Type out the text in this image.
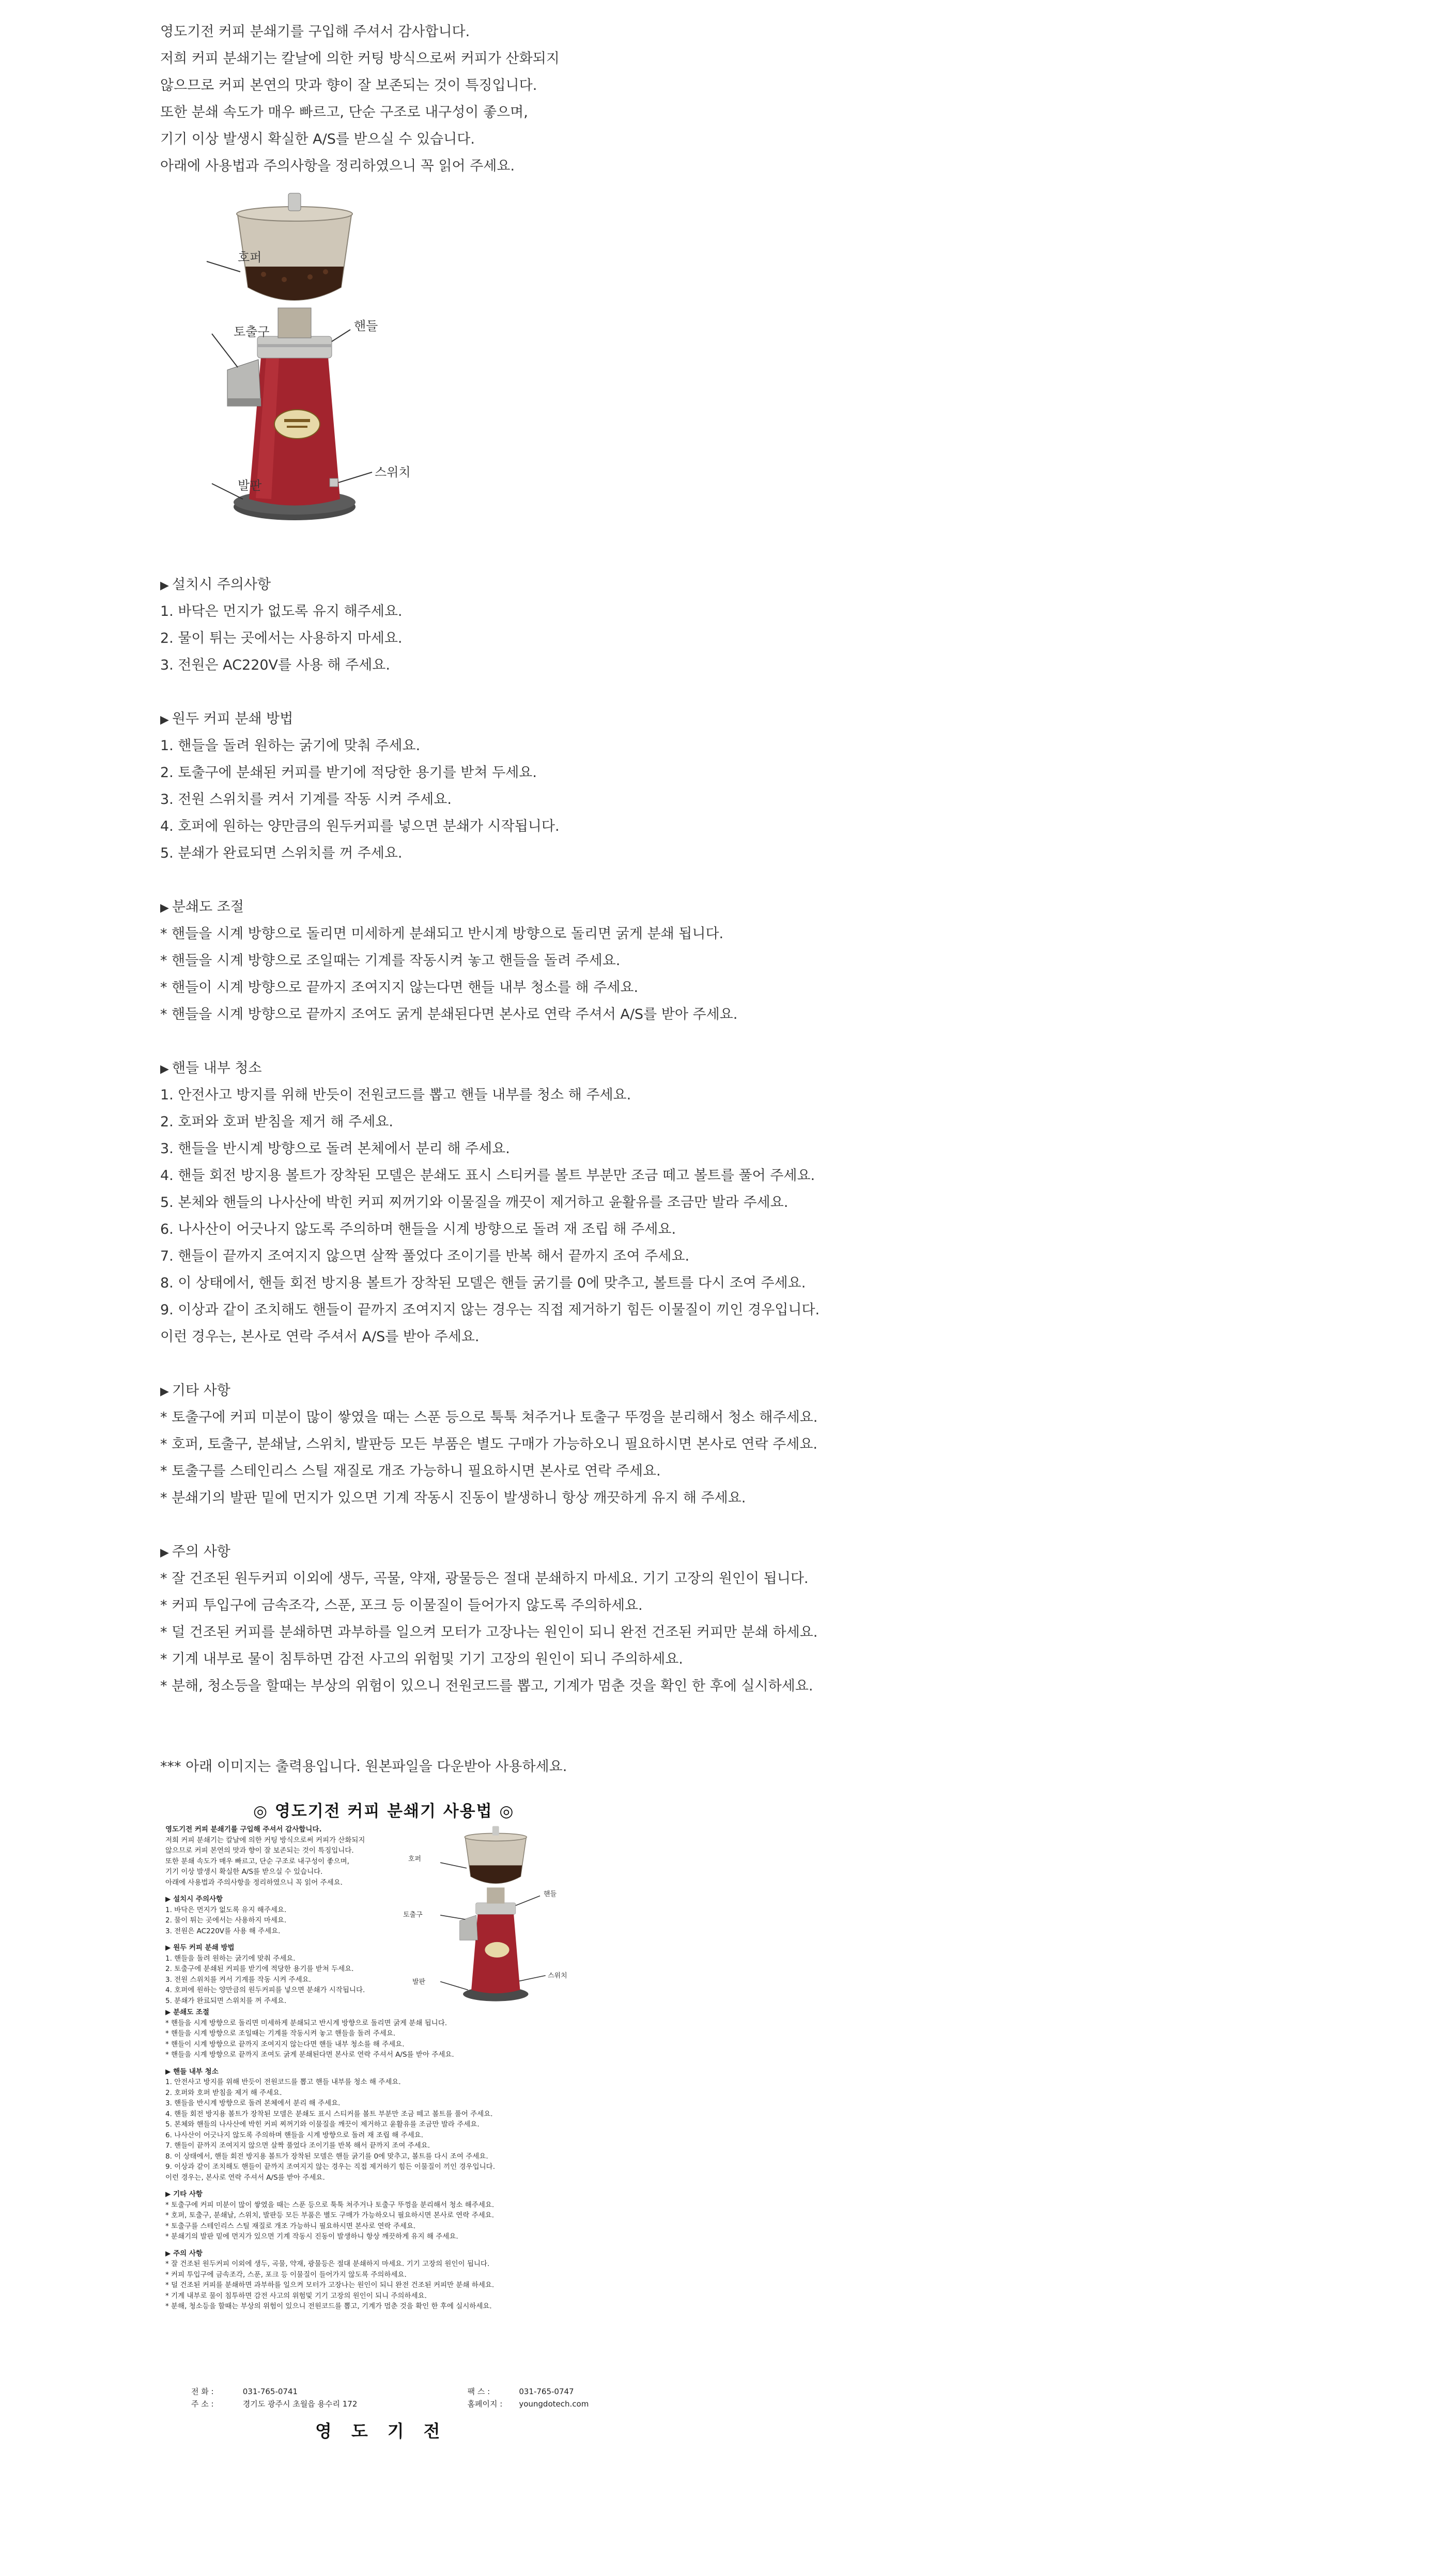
영도기전 커피 분쇄기를 구입해 주셔서 감사합니다.

저희 커피 분쇄기는 칼날에 의한 커팅 방식으로써 커피가 산화되지

않으므로 커피 본연의 맛과 향이 잘 보존되는 것이 특징입니다.

또한 분쇄 속도가 매우 빠르고, 단순 구조로 내구성이 좋으며,

기기 이상 발생시 확실한 A/S를 받으실 수 있습니다.

아래에 사용법과 주의사항을 정리하였으니 꼭 읽어 주세요.

호퍼
토출구	핸들
발판
스위치

▶ 설치시 주의사항

1. 바닥은 먼지가 없도록 유지 해주세요.

2. 물이 튀는 곳에서는 사용하지 마세요.

3. 전원은 AC220V를 사용 해 주세요.

▶ 원두 커피 분쇄 방법

1. 핸들을 돌려 원하는 굵기에 맞춰 주세요.

2. 토출구에 분쇄된 커피를 받기에 적당한 용기를 받쳐 두세요.

3. 전원 스위치를 켜서 기계를 작동 시켜 주세요.

4. 호퍼에 원하는 양만큼의 원두커피를 넣으면 분쇄가 시작됩니다.

5. 분쇄가 완료되면 스위치를 꺼 주세요.

▶ 분쇄도 조절

* 핸들을 시계 방향으로 돌리면 미세하게 분쇄되고 반시계 방향으로 돌리면 굵게 분쇄 됩니다.

* 핸들을 시계 방향으로 조일때는 기계를 작동시켜 놓고 핸들을 돌려 주세요.

* 핸들이 시계 방향으로 끝까지 조여지지 않는다면 핸들 내부 청소를 해 주세요.

* 핸들을 시계 방향으로 끝까지 조여도 굵게 분쇄된다면 본사로 연락 주셔서 A/S를 받아 주세요.

▶ 핸들 내부 청소

1. 안전사고 방지를 위해 반듯이 전원코드를 뽑고 핸들 내부를 청소 해 주세요.

2. 호퍼와 호퍼 받침을 제거 해 주세요.

3. 핸들을 반시계 방향으로 돌려 본체에서 분리 해 주세요.

4. 핸들 회전 방지용 볼트가 장착된 모델은 분쇄도 표시 스티커를 볼트 부분만 조금 떼고 볼트를 풀어 주세요.

5. 본체와 핸들의 나사산에 박힌 커피 찌꺼기와 이물질을 깨끗이 제거하고 윤활유를 조금만 발라 주세요.

6. 나사산이 어긋나지 않도록 주의하며 핸들을 시계 방향으로 돌려 재 조립 해 주세요.

7. 핸들이 끝까지 조여지지 않으면 살짝 풀었다 조이기를 반복 해서 끝까지 조여 주세요.

8. 이 상태에서, 핸들 회전 방지용 볼트가 장착된 모델은 핸들 굵기를 0에 맞추고, 볼트를 다시 조여 주세요.

9. 이상과 같이 조치해도 핸들이 끝까지 조여지지 않는 경우는 직접 제거하기 힘든 이물질이 끼인 경우입니다.

이런 경우는, 본사로 연락 주셔서 A/S를 받아 주세요.

▶ 기타 사항

* 토출구에 커피 미분이 많이 쌓였을 때는 스푼 등으로 툭툭 쳐주거나 토출구 뚜껑을 분리해서 청소 해주세요.

* 호퍼, 토출구, 분쇄날, 스위치, 발판등 모든 부품은 별도 구매가 가능하오니 필요하시면 본사로 연락 주세요.

* 토출구를 스테인리스 스틸 재질로 개조 가능하니 필요하시면 본사로 연락 주세요.

* 분쇄기의 발판 밑에 먼지가 있으면 기계 작동시 진동이 발생하니 항상 깨끗하게 유지 해 주세요.

▶ 주의 사항

* 잘 건조된 원두커피 이외에 생두, 곡물, 약재, 광물등은 절대 분쇄하지 마세요. 기기 고장의 원인이 됩니다.

* 커피 투입구에 금속조각, 스푼, 포크 등 이물질이 들어가지 않도록 주의하세요.

* 덜 건조된 커피를 분쇄하면 과부하를 일으켜 모터가 고장나는 원인이 되니 완전 건조된 커피만 분쇄 하세요.

* 기계 내부로 물이 침투하면 감전 사고의 위험및 기기 고장의 원인이 되니 주의하세요.

* 분해, 청소등을 할때는 부상의 위험이 있으니 전원코드를 뽑고, 기계가 멈춘 것을 확인 한 후에 실시하세요.

*** 아래 이미지는 출력용입니다. 원본파일을 다운받아 사용하세요.

◎ 영도기전 커피 분쇄기 사용법 ◎
영도기전 커피 분쇄기를 구입해 주셔서 감사합니다.
저희 커피 분쇄기는 칼날에 의한 커팅 방식으로써 커피가 산화되지
않으므로 커피 본연의 맛과 향이 잘 보존되는 것이 특징입니다.
또한 분쇄 속도가 매우 빠르고, 단순 구조로 내구성이 좋으며,
기기 이상 발생시 확실한 A/S를 받으실 수 있습니다.
아래에 사용법과 주의사항을 정리하였으니 꼭 읽어 주세요.
▶ 설치시 주의사항
1. 바닥은 먼지가 없도록 유지 해주세요.
2. 물이 튀는 곳에서는 사용하지 마세요.
3. 전원은 AC220V를 사용 해 주세요.
▶ 원두 커피 분쇄 방법
1. 핸들을 돌려 원하는 굵기에 맞춰 주세요.
2. 토출구에 분쇄된 커피를 받기에 적당한 용기를 받쳐 두세요.
3. 전원 스위치를 켜서 기계를 작동 시켜 주세요.
4. 호퍼에 원하는 양만큼의 원두커피를 넣으면 분쇄가 시작됩니다.
5. 분쇄가 완료되면 스위치를 꺼 주세요.
호퍼
토출구
핸들
발판
스위치
▶ 분쇄도 조절
* 핸들을 시계 방향으로 돌리면 미세하게 분쇄되고 반시계 방향으로 돌리면 굵게 분쇄 됩니다.
* 핸들을 시계 방향으로 조일때는 기계를 작동시켜 놓고 핸들을 돌려 주세요.
* 핸들이 시계 방향으로 끝까지 조여지지 않는다면 핸들 내부 청소를 해 주세요.
* 핸들을 시계 방향으로 끝까지 조여도 굵게 분쇄된다면 본사로 연락 주셔서 A/S를 받아 주세요.
▶ 핸들 내부 청소
1. 안전사고 방지를 위해 반듯이 전원코드를 뽑고 핸들 내부를 청소 해 주세요.
2. 호퍼와 호퍼 받침을 제거 해 주세요.
3. 핸들을 반시계 방향으로 돌려 본체에서 분리 해 주세요.
4. 핸들 회전 방지용 볼트가 장착된 모델은 분쇄도 표시 스티커를 볼트 부분만 조금 떼고 볼트를 풀어 주세요.
5. 본체와 핸들의 나사산에 박힌 커피 찌꺼기와 이물질을 깨끗이 제거하고 윤활유를 조금만 발라 주세요.
6. 나사산이 어긋나지 않도록 주의하며 핸들을 시계 방향으로 돌려 재 조립 해 주세요.
7. 핸들이 끝까지 조여지지 않으면 살짝 풀었다 조이기를 반복 해서 끝까지 조여 주세요.
8. 이 상태에서, 핸들 회전 방지용 볼트가 장착된 모델은 핸들 굵기를 0에 맞추고, 볼트를 다시 조여 주세요.
9. 이상과 같이 조치해도 핸들이 끝까지 조여지지 않는 경우는 직접 제거하기 힘든 이물질이 끼인 경우입니다.
이런 경우는, 본사로 연락 주셔서 A/S를 받아 주세요.
▶ 기타 사항
* 토출구에 커피 미분이 많이 쌓였을 때는 스푼 등으로 툭툭 쳐주거나 토출구 뚜껑을 분리해서 청소 해주세요.
* 호퍼, 토출구, 분쇄날, 스위치, 발판등 모든 부품은 별도 구매가 가능하오니 필요하시면 본사로 연락 주세요.
* 토출구를 스테인리스 스틸 재질로 개조 가능하니 필요하시면 본사로 연락 주세요.
* 분쇄기의 발판 밑에 먼지가 있으면 기계 작동시 진동이 발생하니 항상 깨끗하게 유지 해 주세요.
▶ 주의 사항
* 잘 건조된 원두커피 이외에 생두, 곡물, 약재, 광물등은 절대 분쇄하지 마세요. 기기 고장의 원인이 됩니다.
* 커피 투입구에 금속조각, 스푼, 포크 등 이물질이 들어가지 않도록 주의하세요.
* 덜 건조된 커피를 분쇄하면 과부하를 일으켜 모터가 고장나는 원인이 되니 완전 건조된 커피만 분쇄 하세요.
* 기계 내부로 물이 침투하면 감전 사고의 위험및 기기 고장의 원인이 되니 주의하세요.
* 분해, 청소등을 할때는 부상의 위험이 있으니 전원코드를 뽑고, 기계가 멈춘 것을 확인 한 후에 실시하세요.
전 화 :	031-765-0741	팩 스 :	031-765-0747
주 소 :	경기도 광주시 초월읍 용수리 172	홈페이지 : youngdotech.com
영도기전
